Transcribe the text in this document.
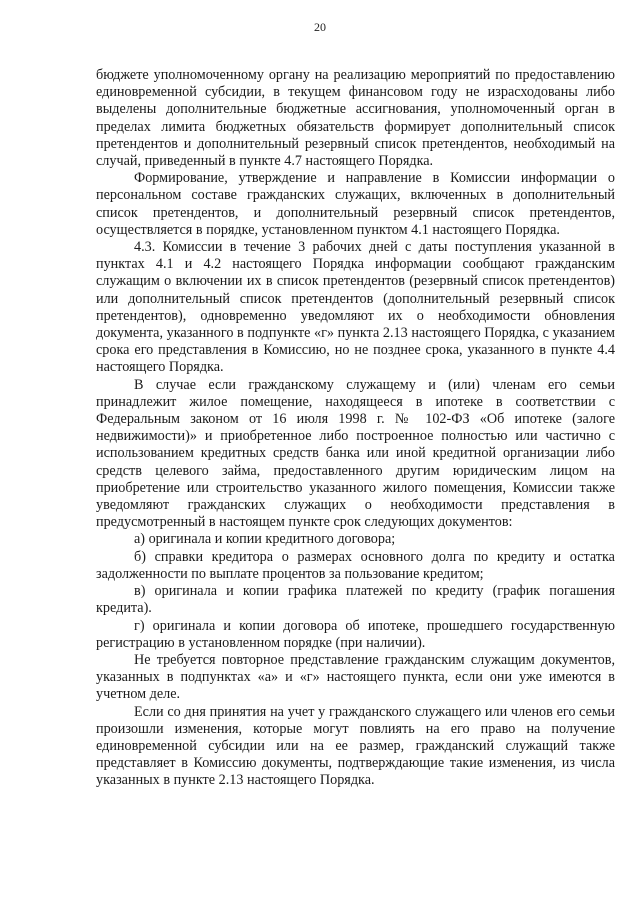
20

бюджете уполномоченному органу на реализацию мероприятий по предоставлению единовременной субсидии, в текущем финансовом году не израсходованы либо выделены дополнительные бюджетные ассигнования, уполномоченный орган в пределах лимита бюджетных обязательств формирует дополнительный список претендентов и дополнительный резервный список претендентов, необходимый на случай, приведенный в пункте 4.7 настоящего Порядка.

Формирование, утверждение и направление в Комиссии информации о персональном составе гражданских служащих, включенных в дополнительный список претендентов, и дополнительный резервный список претендентов, осуществляется в порядке, установленном пунктом 4.1 настоящего Порядка.

4.3. Комиссии в течение 3 рабочих дней с даты поступления указанной в пунктах 4.1 и 4.2 настоящего Порядка информации сообщают гражданским служащим о включении их в список претендентов (резервный список претендентов) или дополнительный список претендентов (дополнительный резервный список претендентов), одновременно уведомляют их о необходимости обновления документа, указанного в подпункте «г» пункта 2.13 настоящего Порядка, с указанием срока его представления в Комиссию, но не позднее срока, указанного в пункте 4.4 настоящего Порядка.

В случае если гражданскому служащему и (или) членам его семьи принадлежит жилое помещение, находящееся в ипотеке в соответствии с Федеральным законом от 16 июля 1998 г. № 102-ФЗ «Об ипотеке (залоге недвижимости)» и приобретенное либо построенное полностью или частично с использованием кредитных средств банка или иной кредитной организации либо средств целевого займа, предоставленного другим юридическим лицом на приобретение или строительство указанного жилого помещения, Комиссии также уведомляют гражданских служащих о необходимости представления в предусмотренный в настоящем пункте срок следующих документов:

а) оригинала и копии кредитного договора;

б) справки кредитора о размерах основного долга по кредиту и остатка задолженности по выплате процентов за пользование кредитом;

в) оригинала и копии графика платежей по кредиту (график погашения кредита).

г) оригинала и копии договора об ипотеке, прошедшего государственную регистрацию в установленном порядке (при наличии).

Не требуется повторное представление гражданским служащим документов, указанных в подпунктах «а» и «г» настоящего пункта, если они уже имеются в учетном деле.

Если со дня принятия на учет у гражданского служащего или членов его семьи произошли изменения, которые могут повлиять на его право на получение единовременной субсидии или на ее размер, гражданский служащий также представляет в Комиссию документы, подтверждающие такие изменения, из числа указанных в пункте 2.13 настоящего Порядка.
